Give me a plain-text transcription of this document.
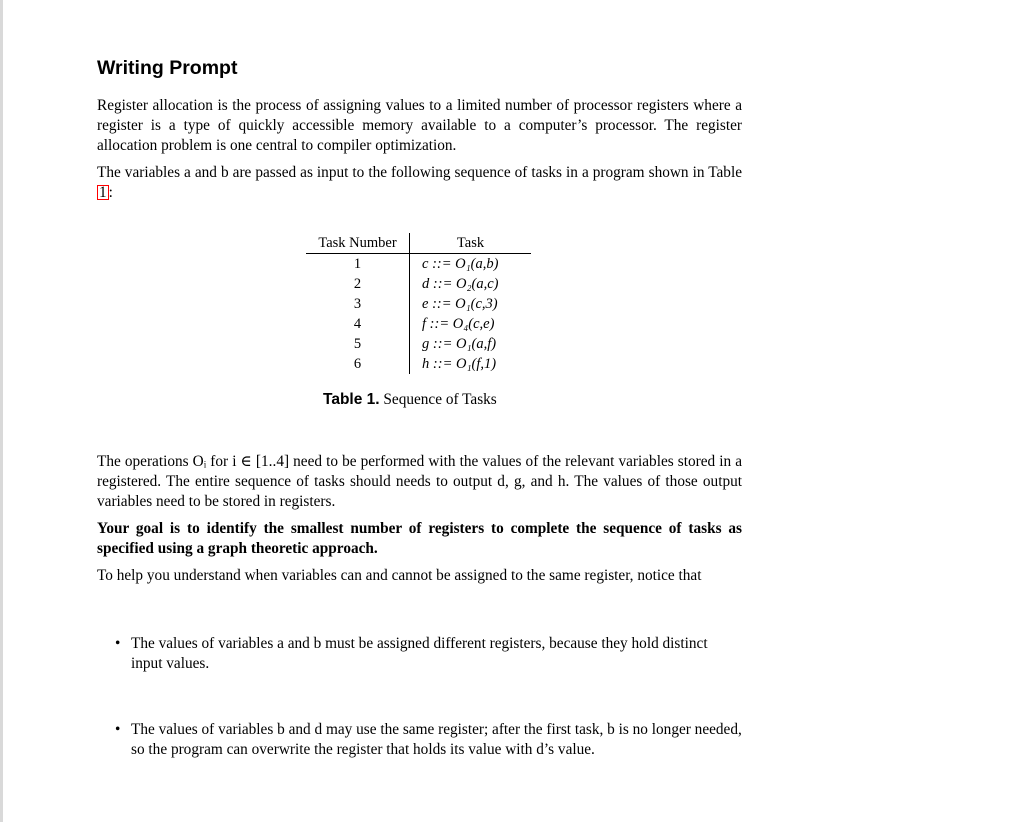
Writing Prompt

Register allocation is the process of assigning values to a limited number of processor registers where a register is a type of quickly accessible memory available to a computer’s processor. The register allocation problem is one central to compiler optimization.

The variables a and b are passed as input to the following sequence of tasks in a program shown in Table 1 :

Task Number	Task
1	c ::= O₁(a,b)
2	d ::= O₂(a,c)
3	e ::= O₁(c,3)
4	f ::= O₄(c,e)
5	g ::= O₁(a,f)
6	h ::= O₁(f,1)
Table 1. Sequence of Tasks

The operations Oᵢ for i ∈ [1..4] need to be performed with the values of the relevant variables stored in a registered. The entire sequence of tasks should needs to output d, g, and h. The values of those output variables need to be stored in registers.

Your goal is to identify the smallest number of registers to complete the sequence of tasks as specified using a graph theoretic approach.

To help you understand when variables can and cannot be assigned to the same register, notice that

• The values of variables a and b must be assigned different registers, because they hold distinct input values.
• The values of variables b and d may use the same register; after the first task, b is no longer needed, so the program can overwrite the register that holds its value with d’s value.
